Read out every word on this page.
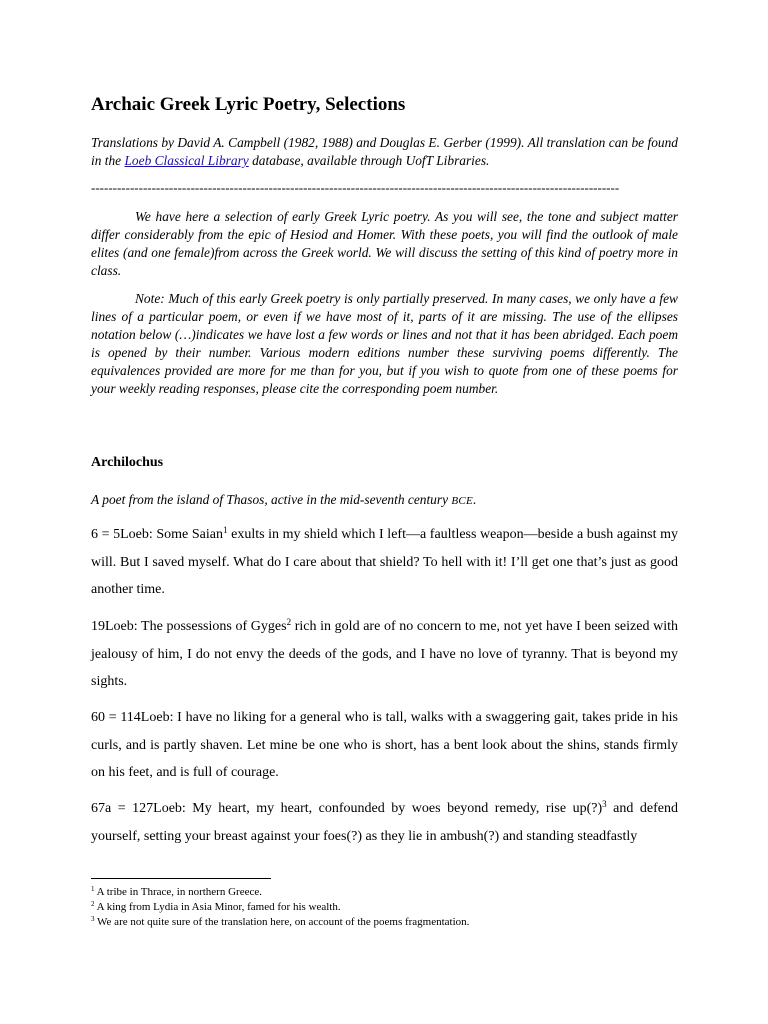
Archaic Greek Lyric Poetry, Selections

Translations by David A. Campbell (1982, 1988) and Douglas E. Gerber (1999). All translation can be found in the Loeb Classical Library database, available through UofT Libraries.

--------------------------------------------------------------------------------------------------------------------------

We have here a selection of early Greek Lyric poetry. As you will see, the tone and subject matter differ considerably from the epic of Hesiod and Homer. With these poets, you will find the outlook of male elites (and one female)from across the Greek world. We will discuss the setting of this kind of poetry more in class.

Note: Much of this early Greek poetry is only partially preserved. In many cases, we only have a few lines of a particular poem, or even if we have most of it, parts of it are missing. The use of the ellipses notation below (…)indicates we have lost a few words or lines and not that it has been abridged. Each poem is opened by their number. Various modern editions number these surviving poems differently. The equivalences provided are more for me than for you, but if you wish to quote from one of these poems for your weekly reading responses, please cite the corresponding poem number.

Archilochus

A poet from the island of Thasos, active in the mid-seventh century BCE.

6 = 5Loeb: Some Saian$^1$ exults in my shield which I left—a faultless weapon—beside a bush against my will. But I saved myself. What do I care about that shield? To hell with it! I’ll get one that’s just as good another time.

19Loeb: The possessions of Gyges$^2$ rich in gold are of no concern to me, not yet have I been seized with jealousy of him, I do not envy the deeds of the gods, and I have no love of tyranny. That is beyond my sights.

60 = 114Loeb: I have no liking for a general who is tall, walks with a swaggering gait, takes pride in his curls, and is partly shaven. Let mine be one who is short, has a bent look about the shins, stands firmly on his feet, and is full of courage.

67a = 127Loeb: My heart, my heart, confounded by woes beyond remedy, rise up(?)$^3$ and defend yourself, setting your breast against your foes(?) as they lie in ambush(?) and standing steadfastly

$^1$ A tribe in Thrace, in northern Greece.

$^2$ A king from Lydia in Asia Minor, famed for his wealth.

$^3$ We are not quite sure of the translation here, on account of the poems fragmentation.
